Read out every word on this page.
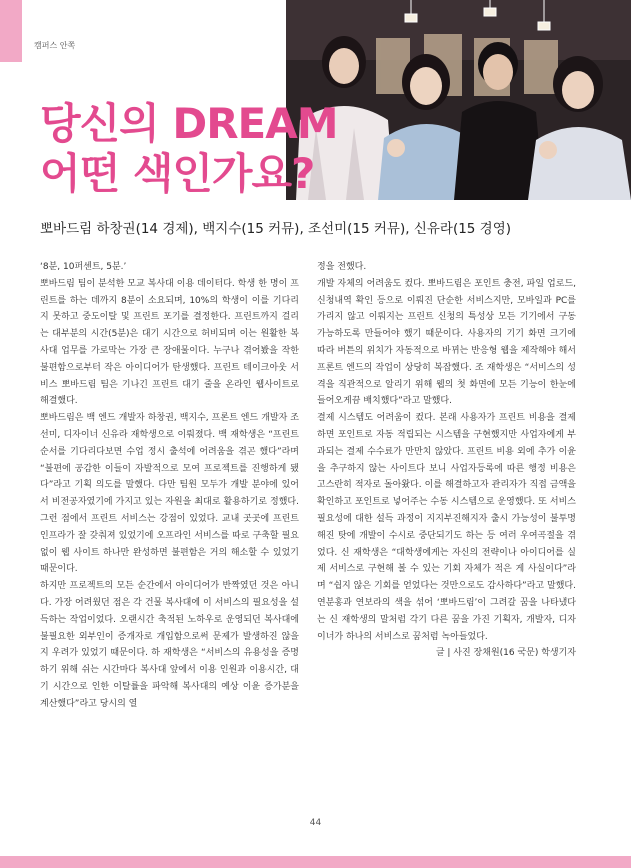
캠퍼스 안쪽
당신의 DREAM
어떤 색인가요?
뽀바드림 하창권(14 경제), 백지수(15 커뮤), 조선미(15 커뮤), 신유라(15 경영)

‘8분, 10퍼센트, 5분.’

뽀바드림 팀이 분석한 모교 복사대 이용 데이터다. 학생 한 명이 프린트를 하는 데까지 8분이 소요되며, 10%의 학생이 이를 기다리지 못하고 중도이탈 및 프린트 포기를 결정한다. 프린트까지 걸리는 대부분의 시간(5분)은 대기 시간으로 허비되며 이는 원활한 복사대 업무를 가로막는 가장 큰 장애물이다. 누구나 겪어봤을 작한 불편함으로부터 작은 아이디어가 탄생했다. 프린트 테이크아웃 서비스 뽀바드림 팀은 기나긴 프린트 대기 줄을 온라인 웹사이트로 해결했다.

뽀바드림은 백 엔드 개발자 하창권, 백지수, 프론트 엔드 개발자 조선미, 디자이너 신유라 재학생으로 이뤄졌다. 백 재학생은 “프린트 순서를 기다리다보면 수업 정시 출석에 어려움을 겪곤 했다”라며 “불편에 공감한 이들이 자발적으로 모여 프로젝트를 진행하게 됐다”라고 기획 의도를 말했다. 다만 팀원 모두가 개발 분야에 있어서 비전공자였기에 가지고 있는 자원을 최대로 활용하기로 정했다. 그런 점에서 프린트 서비스는 강점이 있었다. 교내 곳곳에 프린트 인프라가 잘 갖춰져 있었기에 오프라인 서비스를 따로 구축할 필요 없이 웹 사이트 하나만 완성하면 불편함은 거의 해소할 수 있었기 때문이다.

하지만 프로젝트의 모든 순간에서 아이디어가 반짝였던 것은 아니다. 가장 어려웠던 점은 각 건물 복사대에 이 서비스의 필요성을 설득하는 작업이었다. 오랜시간 축적된 노하우로 운영되던 복사대에 불필요한 외부인이 증개자로 개입함으로써 문제가 발생하진 않을지 우려가 있었기 때문이다. 하 재학생은 “서비스의 유용성을 증명하기 위해 쉬는 시간마다 복사대 앞에서 이용 인원과 이용시간, 대기 시간으로 인한 이탈률을 파악해 복사대의 예상 이윤 증가분을 계산했다”라고 당시의 열

정을 전했다.

개발 자체의 어려움도 컸다. 뽀바드림은 포인트 충전, 파일 업로드, 신청내역 확인 등으로 이뤄진 단순한 서비스지만, 모바일과 PC를 가리지 않고 이뤄지는 프린트 신청의 특성상 모든 기기에서 구동 가능하도록 만들어야 했기 때문이다. 사용자의 기기 화면 크기에 따라 버튼의 위치가 자동적으로 바뀌는 반응형 웹을 제작해야 해서 프론트 엔드의 작업이 상당히 복잡했다. 조 재학생은 “서비스의 성격을 직관적으로 알리기 위해 웹의 첫 화면에 모든 기능이 한눈에 들어오게끔 배치했다”라고 말했다.

결제 시스템도 어려움이 컸다. 본래 사용자가 프린트 비용을 결제하면 포인트로 자동 적립되는 시스템을 구현했지만 사업자에게 부과되는 결제 수수료가 만만치 않았다. 프린트 비용 외에 추가 이윤을 추구하지 않는 사이트다 보니 사업자등록에 따른 행정 비용은 고스란히 적자로 돌아왔다. 이를 해결하고자 관리자가 직접 금액을 확인하고 포인트로 넣어주는 수동 시스템으로 운영했다. 또 서비스 필요성에 대한 설득 과정이 지지부진해지자 출시 가능성이 불투명해진 탓에 개발이 수시로 중단되기도 하는 등 여러 우여곡절을 겪었다. 신 재학생은 “대학생에게는 자신의 전략이나 아이디어를 실제 서비스로 구현해 볼 수 있는 기회 자체가 적은 게 사실이다”라며 “쉽지 않은 기회를 얻었다는 것만으로도 감사하다”라고 말했다. 연분홍과 연보라의 색을 섞어 ‘뽀바드림’이 그려갈 꿈을 나타냈다는 신 재학생의 말처럼 각기 다른 꿈을 가진 기획자, 개발자, 디자이너가 하나의 서비스로 꿈처럼 녹아들었다.

글 | 사진 장채원(16 국문) 학생기자

44
